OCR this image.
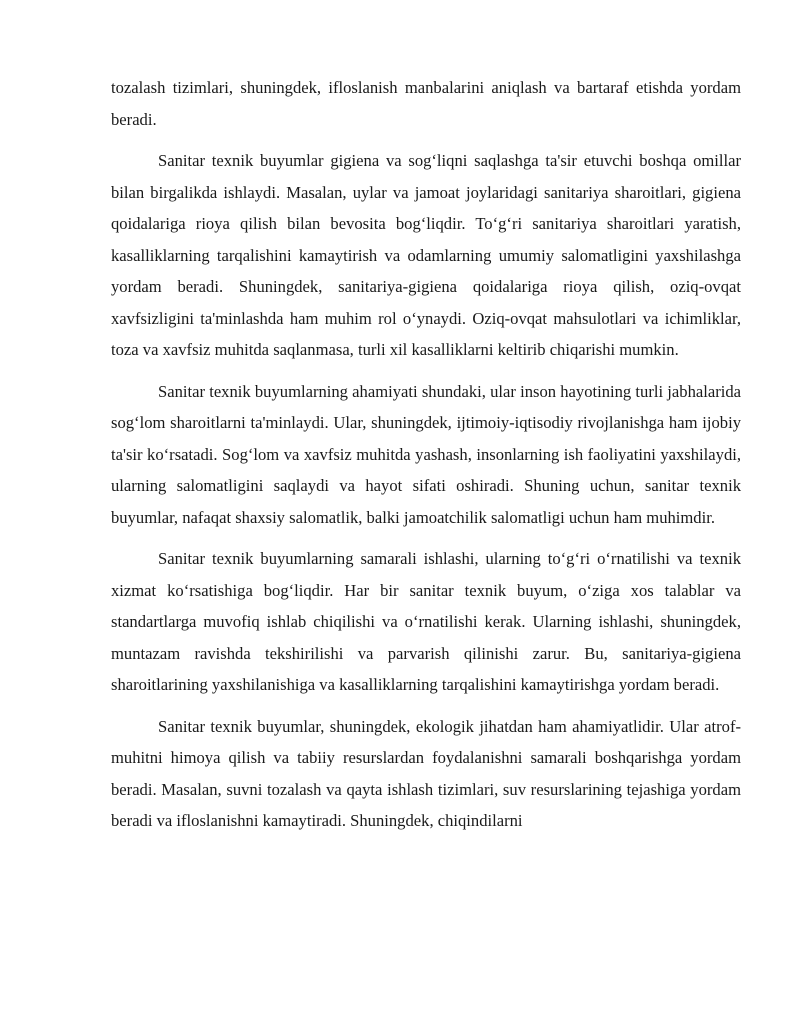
tozalash tizimlari, shuningdek, ifloslanish manbalarini aniqlash va bartaraf etishda yordam beradi.

Sanitar texnik buyumlar gigiena va sogʻliqni saqlashga ta'sir etuvchi boshqa omillar bilan birgalikda ishlaydi. Masalan, uylar va jamoat joylaridagi sanitariya sharoitlari, gigiena qoidalariga rioya qilish bilan bevosita bogʻliqdir. Toʻgʻri sanitariya sharoitlari yaratish, kasalliklarning tarqalishini kamaytirish va odamlarning umumiy salomatligini yaxshilashga yordam beradi. Shuningdek, sanitariya-gigiena qoidalariga rioya qilish, oziq-ovqat xavfsizligini ta'minlashda ham muhim rol oʻynaydi. Oziq-ovqat mahsulotlari va ichimliklar, toza va xavfsiz muhitda saqlanmasa, turli xil kasalliklarni keltirib chiqarishi mumkin.

Sanitar texnik buyumlarning ahamiyati shundaki, ular inson hayotining turli jabhalarida sogʻlom sharoitlarni ta'minlaydi. Ular, shuningdek, ijtimoiy-iqtisodiy rivojlanishga ham ijobiy ta'sir koʻrsatadi. Sogʻlom va xavfsiz muhitda yashash, insonlarning ish faoliyatini yaxshilaydi, ularning salomatligini saqlaydi va hayot sifati oshiradi. Shuning uchun, sanitar texnik buyumlar, nafaqat shaxsiy salomatlik, balki jamoatchilik salomatligi uchun ham muhimdir.

Sanitar texnik buyumlarning samarali ishlashi, ularning toʻgʻri oʻrnatilishi va texnik xizmat koʻrsatishiga bogʻliqdir. Har bir sanitar texnik buyum, oʻziga xos talablar va standartlarga muvofiq ishlab chiqilishi va oʻrnatilishi kerak. Ularning ishlashi, shuningdek, muntazam ravishda tekshirilishi va parvarish qilinishi zarur. Bu, sanitariya-gigiena sharoitlarining yaxshilanishiga va kasalliklarning tarqalishini kamaytirishga yordam beradi.

Sanitar texnik buyumlar, shuningdek, ekologik jihatdan ham ahamiyatlidir. Ular atrof-muhitni himoya qilish va tabiiy resurslardan foydalanishni samarali boshqarishga yordam beradi. Masalan, suvni tozalash va qayta ishlash tizimlari, suv resurslarining tejashiga yordam beradi va ifloslanishni kamaytiradi. Shuningdek, chiqindilarni
